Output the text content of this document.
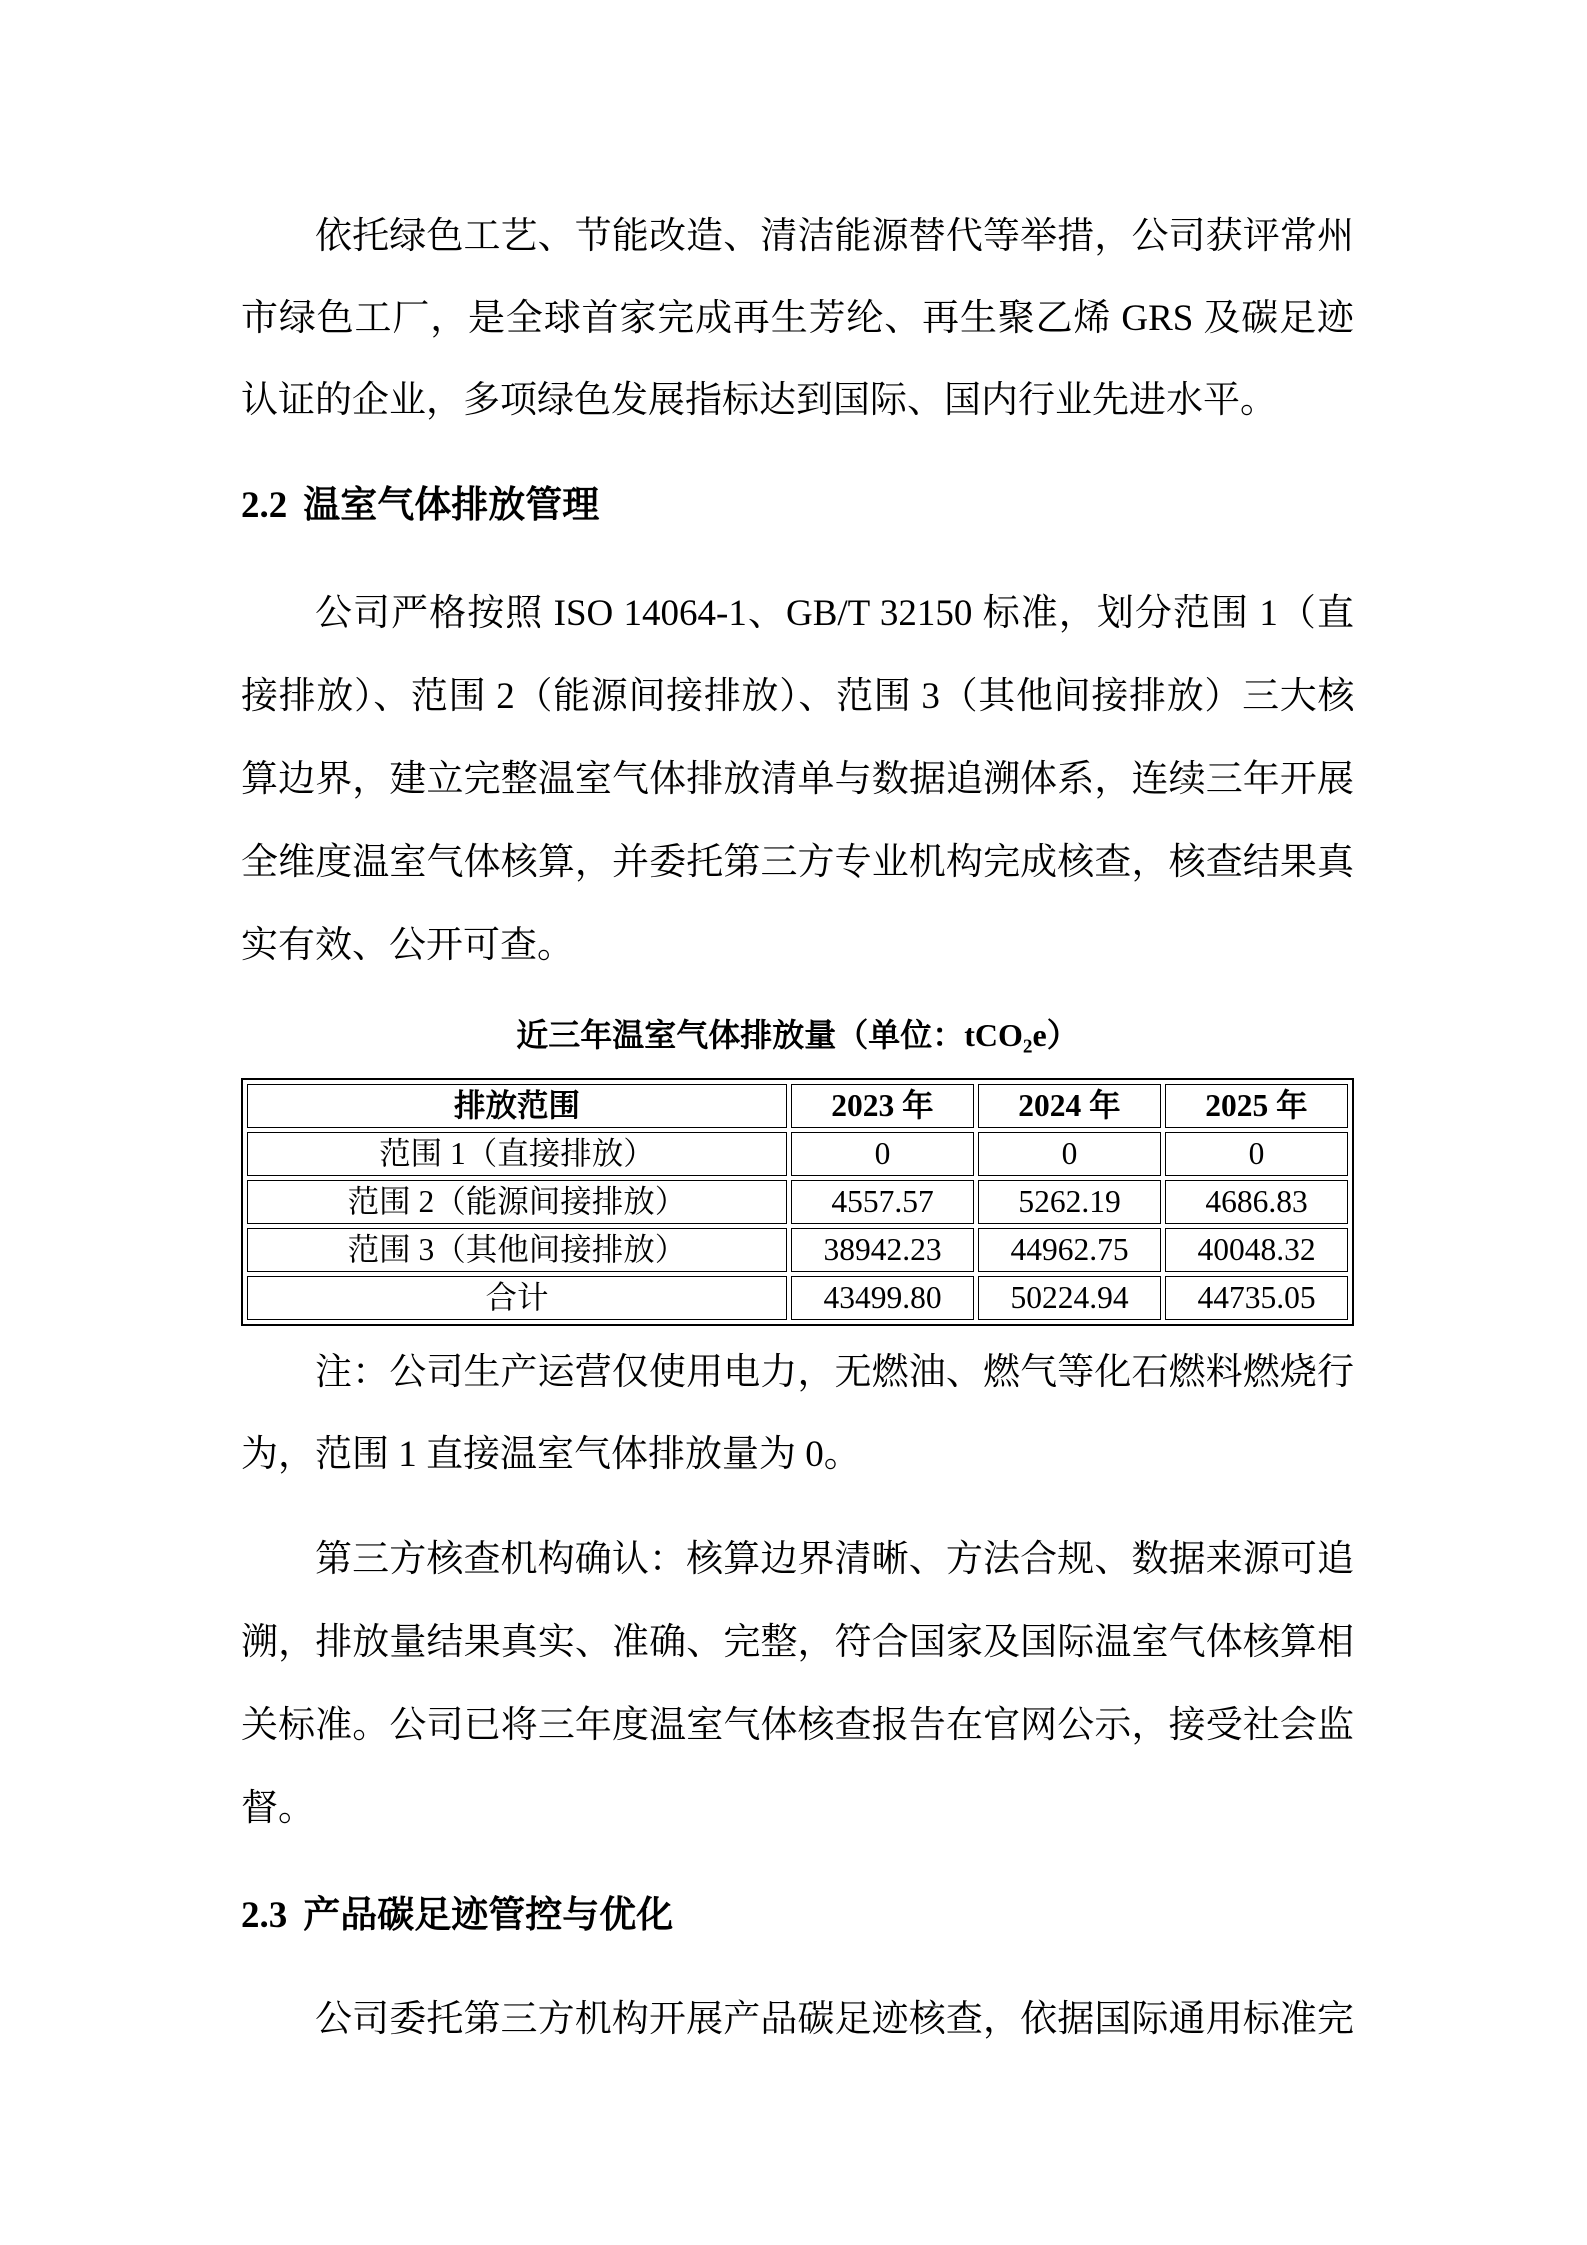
依托绿色工艺、节能改造、清洁能源替代等举措，公司获评常州
市绿色工厂，是全球首家完成再生芳纶、再生聚乙烯 GRS 及碳足迹
认证的企业，多项绿色发展指标达到国际、国内行业先进水平。
2.2 温室气体排放管理
公司严格按照 ISO 14064-1、GB/T 32150 标准，划分范围 1（直
接排放）、范围 2（能源间接排放）、范围 3（其他间接排放）三大核
算边界，建立完整温室气体排放清单与数据追溯体系，连续三年开展
全维度温室气体核算，并委托第三方专业机构完成核查，核查结果真
实有效、公开可查。
近三年温室气体排放量（单位：tCO₂e）
排放范围	2023 年	2024 年	2025 年
范围 1（直接排放）	0	0	0
范围 2（能源间接排放）	4557.57	5262.19	4686.83
范围 3（其他间接排放）	38942.23	44962.75	40048.32
合计	43499.80	50224.94	44735.05
注：公司生产运营仅使用电力，无燃油、燃气等化石燃料燃烧行
为，范围 1 直接温室气体排放量为 0。
第三方核查机构确认：核算边界清晰、方法合规、数据来源可追
溯，排放量结果真实、准确、完整，符合国家及国际温室气体核算相
关标准。公司已将三年度温室气体核查报告在官网公示，接受社会监
督。
2.3 产品碳足迹管控与优化
公司委托第三方机构开展产品碳足迹核查，依据国际通用标准完
